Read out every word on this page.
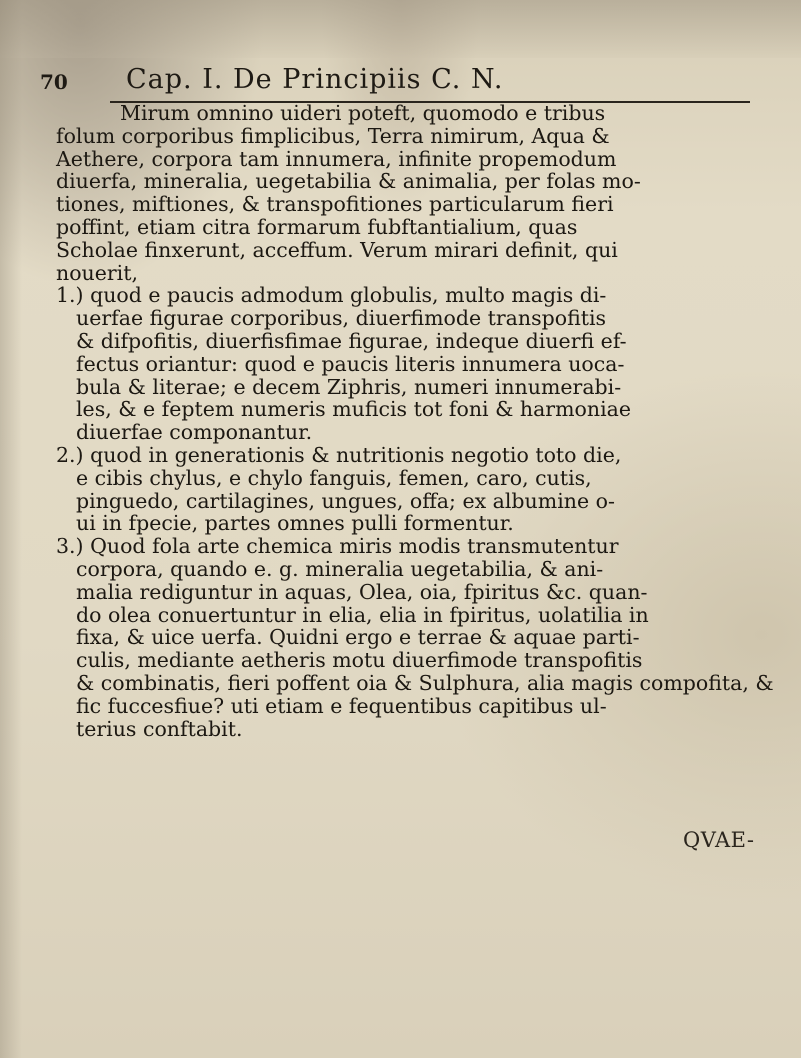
70 Cap. I. De Principiis C. N.
Mirum omnino uideri poteft, quomodo e tribus
folum corporibus fimplicibus, Terra nimirum, Aqua &
Aethere, corpora tam innumera, infinite propemodum
diuerfa, mineralia, uegetabilia & animalia, per folas mo-
tiones, miftiones, & transpofitiones particularum fieri
poffint, etiam citra formarum fubftantialium, quas
Scholae finxerunt, acceffum. Verum mirari definit, qui
nouerit,
1.) quod e paucis admodum globulis, multo magis di-
uerfae figurae corporibus, diuerfimode transpofitis
& difpofitis, diuerfisfimae figurae, indeque diuerfi ef-
fectus oriantur: quod e paucis literis innumera uoca-
bula & literae; e decem Ziphris, numeri innumerabi-
les, & e feptem numeris muficis tot foni & harmoniae
diuerfae componantur.
2.) quod in generationis & nutritionis negotio toto die,
e cibis chylus, e chylo fanguis, femen, caro, cutis,
pinguedo, cartilagines, ungues, offa; ex albumine o-
ui in fpecie, partes omnes pulli formentur.
3.) Quod fola arte chemica miris modis transmutentur
corpora, quando e. g. mineralia uegetabilia, & ani-
malia rediguntur in aquas, Olea, oia, fpiritus &c. quan-
do olea conuertuntur in elia, elia in fpiritus, uolatilia in
fixa, & uice uerfa. Quidni ergo e terrae & aquae parti-
culis, mediante aetheris motu diuerfimode transpofitis
& combinatis, fieri poffent oia & Sulphura, alia magis compofita, &
fic fuccesfiue? uti etiam e fequentibus capitibus ul-
terius conftabit.
QVAE-
